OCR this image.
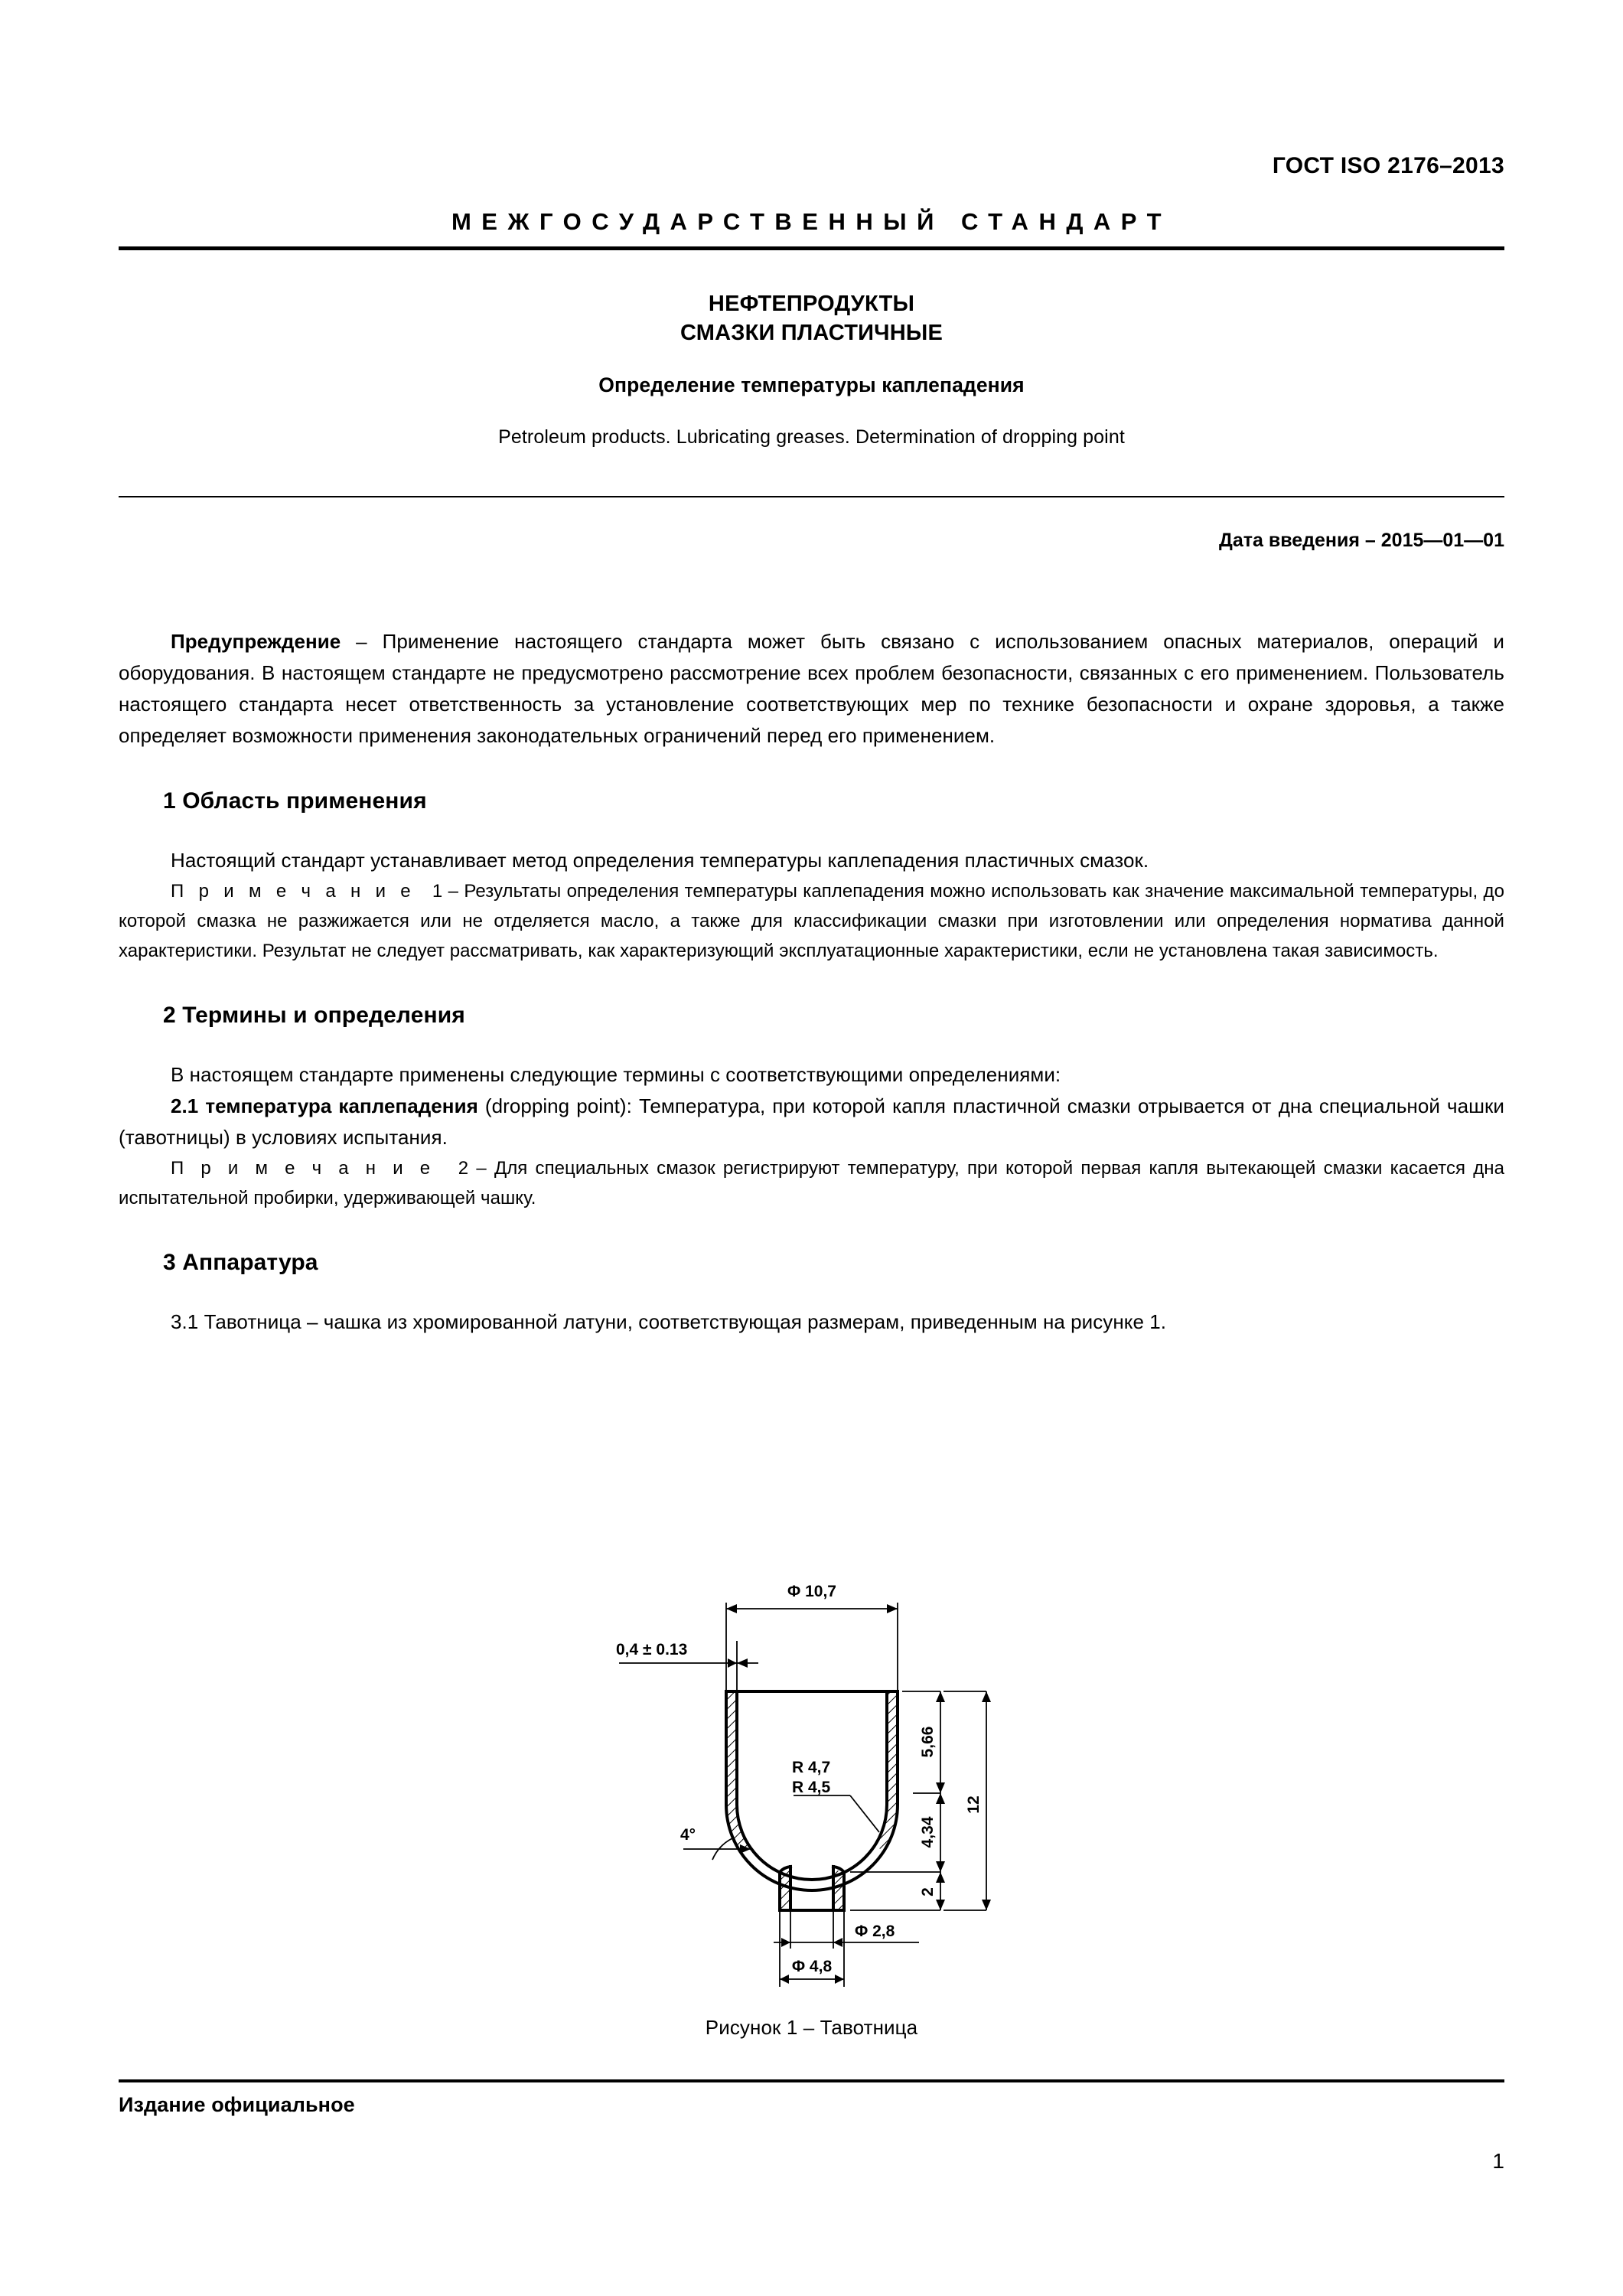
ГОСТ ISO 2176–2013
МЕЖГОСУДАРСТВЕННЫЙ СТАНДАРТ
НЕФТЕПРОДУКТЫ
СМАЗКИ ПЛАСТИЧНЫЕ
Определение температуры каплепадения
Petroleum products. Lubricating greases. Determination of dropping point
Дата введения – 2015—01—01

Предупреждение – Применение настоящего стандарта может быть связано с использованием опасных материалов, операций и оборудования. В настоящем стандарте не предусмотрено рассмотрение всех проблем безопасности, связанных с его применением. Пользователь настоящего стандарта несет ответственность за установление соответствующих мер по технике безопасности и охране здоровья, а также определяет возможности применения законодательных ограничений перед его применением.

1 Область применения

Настоящий стандарт устанавливает метод определения температуры каплепадения пластичных смазок.

П р и м е ч а н и е 1 – Результаты определения температуры каплепадения можно использовать как значение максимальной температуры, до которой смазка не разжижается или не отделяется масло, а также для классификации смазки при изготовлении или определения норматива данной характеристики. Результат не следует рассматривать, как характеризующий эксплуатационные характеристики, если не установлена такая зависимость.

2 Термины и определения

В настоящем стандарте применены следующие термины с соответствующими определениями:

2.1 температура каплепадения (dropping point): Температура, при которой капля пластичной смазки отрывается от дна специальной чашки (тавотницы) в условиях испытания.

П р и м е ч а н и е 2 – Для специальных смазок регистрируют температуру, при которой первая капля вытекающей смазки касается дна испытательной пробирки, удерживающей чашку.

3 Аппаратура

3.1 Тавотница – чашка из хромированной латуни, соответствующая размерам, приведенным на рисунке 1.

Φ 10,7
0,4 ± 0.13
R 4,7
R 4,5
4°
5,66
4,34
2
12
Φ 2,8
Φ 4,8
Рисунок 1 – Тавотница
Издание официальное
1
